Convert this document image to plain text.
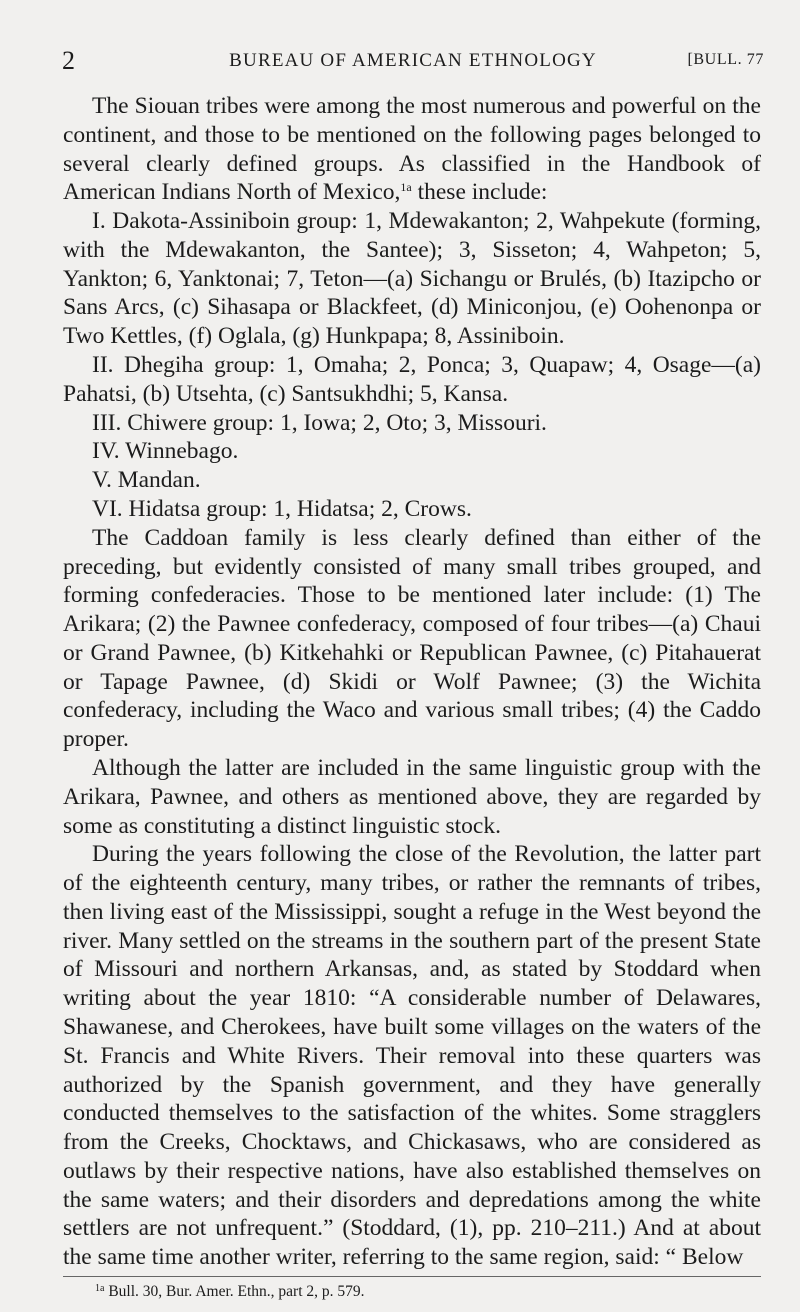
2	BUREAU OF AMERICAN ETHNOLOGY	[BULL. 77

The Siouan tribes were among the most numerous and powerful on the continent, and those to be mentioned on the following pages belonged to several clearly defined groups. As classified in the Handbook of American Indians North of Mexico,$^{1a}$ these include:

I. Dakota-Assiniboin group: 1, Mdewakanton; 2, Wahpekute (forming, with the Mdewakanton, the Santee); 3, Sisseton; 4, Wahpeton; 5, Yankton; 6, Yanktonai; 7, Teton—(a) Sichangu or Brulés, (b) Itazipcho or Sans Arcs, (c) Sihasapa or Blackfeet, (d) Miniconjou, (e) Oohenonpa or Two Kettles, (f) Oglala, (g) Hunkpapa; 8, Assiniboin.

II. Dhegiha group: 1, Omaha; 2, Ponca; 3, Quapaw; 4, Osage—(a) Pahatsi, (b) Utsehta, (c) Santsukhdhi; 5, Kansa.

III. Chiwere group: 1, Iowa; 2, Oto; 3, Missouri.

IV. Winnebago.

V. Mandan.

VI. Hidatsa group: 1, Hidatsa; 2, Crows.

The Caddoan family is less clearly defined than either of the preceding, but evidently consisted of many small tribes grouped, and forming confederacies. Those to be mentioned later include: (1) The Arikara; (2) the Pawnee confederacy, composed of four tribes—(a) Chaui or Grand Pawnee, (b) Kitkehahki or Republican Pawnee, (c) Pitahauerat or Tapage Pawnee, (d) Skidi or Wolf Pawnee; (3) the Wichita confederacy, including the Waco and various small tribes; (4) the Caddo proper.

Although the latter are included in the same linguistic group with the Arikara, Pawnee, and others as mentioned above, they are regarded by some as constituting a distinct linguistic stock.

During the years following the close of the Revolution, the latter part of the eighteenth century, many tribes, or rather the remnants of tribes, then living east of the Mississippi, sought a refuge in the West beyond the river. Many settled on the streams in the southern part of the present State of Missouri and northern Arkansas, and, as stated by Stoddard when writing about the year 1810: “A considerable number of Delawares, Shawanese, and Cherokees, have built some villages on the waters of the St. Francis and White Rivers. Their removal into these quarters was authorized by the Spanish government, and they have generally conducted themselves to the satisfaction of the whites. Some stragglers from the Creeks, Chocktaws, and Chickasaws, who are considered as outlaws by their respective nations, have also established themselves on the same waters; and their disorders and depredations among the white settlers are not unfrequent.” (Stoddard, (1), pp. 210–211.) And at about the same time another writer, referring to the same region, said: “ Below

$^{1a}$ Bull. 30, Bur. Amer. Ethn., part 2, p. 579.
